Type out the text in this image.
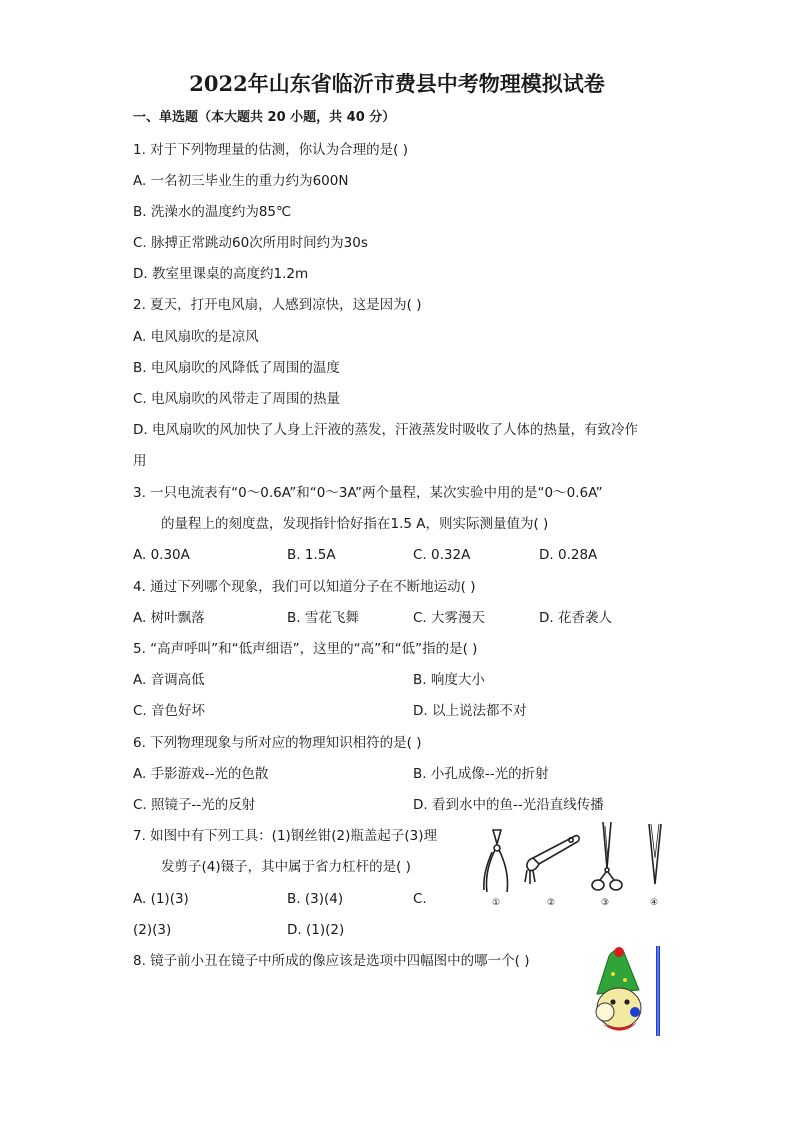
2022年山东省临沂市费县中考物理模拟试卷
一、单选题（本大题共 20 小题，共 40 分）
1. 对于下列物理量的估测，你认为合理的是( )
A. 一名初三毕业生的重力约为600N
B. 洗澡水的温度约为85℃
C. 脉搏正常跳动60次所用时间约为30s
D. 教室里课桌的高度约1.2m
2. 夏天，打开电风扇，人感到凉快，这是因为( )
A. 电风扇吹的是凉风
B. 电风扇吹的风降低了周围的温度
C. 电风扇吹的风带走了周围的热量
D. 电风扇吹的风加快了人身上汗液的蒸发，汗液蒸发时吸收了人体的热量，有致冷作
用
3. 一只电流表有“0～0.6A”和“0～3A”两个量程，某次实验中用的是“0～0.6A”
的量程上的刻度盘，发现指针恰好指在1.5 A，则实际测量值为( )
A. 0.30A	B. 1.5A	C. 0.32A	D. 0.28A
4. 通过下列哪个现象，我们可以知道分子在不断地运动( )
A. 树叶飘落	B. 雪花飞舞	C. 大雾漫天	D. 花香袭人
5. “高声呼叫”和“低声细语”，这里的“高”和“低”指的是( )
A. 音调高低	B. 响度大小
C. 音色好坏	D. 以上说法都不对
6. 下列物理现象与所对应的物理知识相符的是( )
A. 手影游戏--光的色散	B. 小孔成像--光的折射
C. 照镜子--光的反射	D. 看到水中的鱼--光沿直线传播
7. 如图中有下列工具：(1)钢丝钳(2)瓶盖起子(3)理
发剪子(4)镊子，其中属于省力杠杆的是( )
A. (1)(3)	B. (3)(4)	C.
(2)(3)	D. (1)(2)
①	②	③	④
8. 镜子前小丑在镜子中所成的像应该是选项中四幅图中的哪一个( )
